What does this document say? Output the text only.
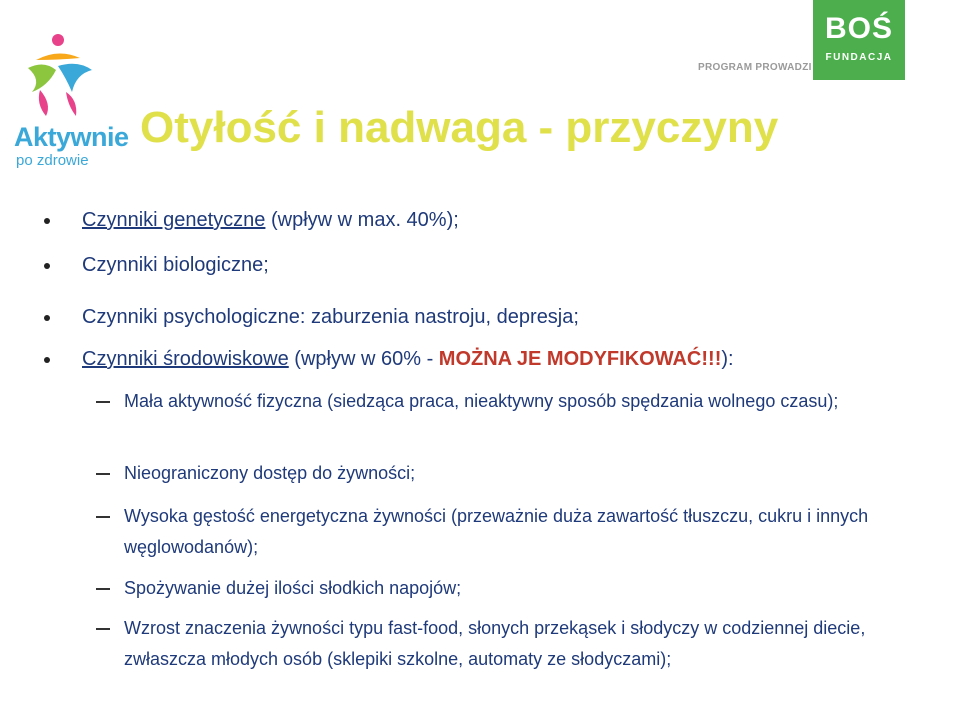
Aktywnie
po zdrowie
PROGRAM PROWADZI
BOŚ
FUNDACJA
Otyłość i nadwaga - przyczyny
Czynniki genetyczne (wpływ w max. 40%);
Czynniki biologiczne;
Czynniki psychologiczne: zaburzenia nastroju, depresja;
Czynniki środowiskowe (wpływ w 60% - MOŻNA JE MODYFIKOWAĆ!!!):
Mała aktywność fizyczna (siedząca praca, nieaktywny sposób spędzania wolnego czasu);
Nieograniczony dostęp do żywności;
Wysoka gęstość energetyczna żywności (przeważnie duża zawartość tłuszczu, cukru i innych węglowodanów);
Spożywanie dużej ilości słodkich napojów;
Wzrost znaczenia żywności typu fast-food, słonych przekąsek i słodyczy w codziennej diecie, zwłaszcza młodych osób (sklepiki szkolne, automaty ze słodyczami);
